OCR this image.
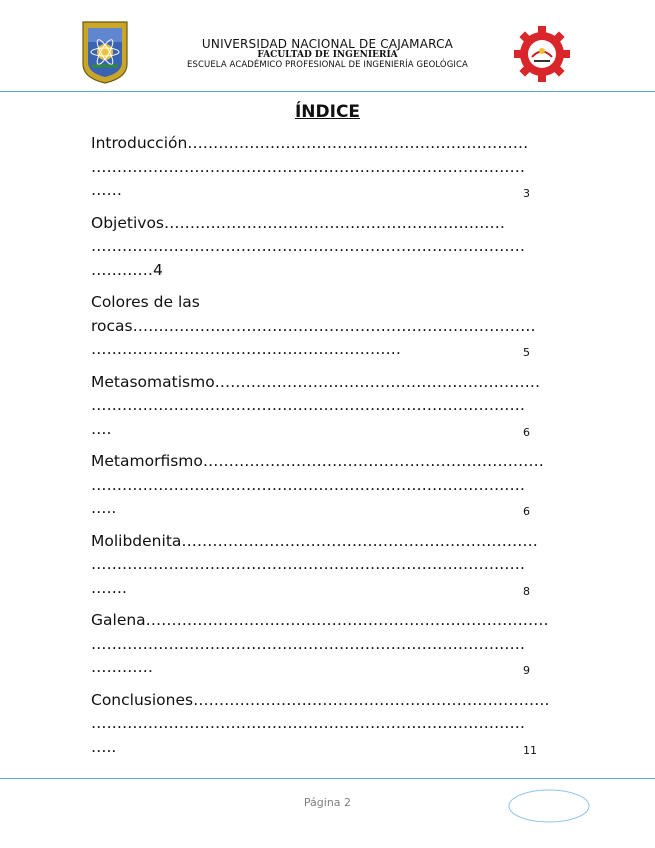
UNIVERSIDAD NACIONAL DE CAJAMARCA
FACULTAD DE INGENIERÍA
ESCUELA ACADÉMICO PROFESIONAL DE INGENIERÍA GEOLÓGICA
ÍNDICE
Introducción…………………………………………………………
…………………………………………………………………………
……	3
Objetivos…………………………………………………………
…………………………………………………………………………
…………4
Colores de las
rocas……………………………………………………………………
……………………………………………………	5
Metasomatismo………………………………………………………
…………………………………………………………………………
….	6
Metamorfismo…………………………………………………………
…………………………………………………………………………
…..	6
Molibdenita……………………………………………………………
…………………………………………………………………………
…….	8
Galena……………………………………………………………………
…………………………………………………………………………
…………	9
Conclusiones……………………………………………………………
…………………………………………………………………………
…..	11
Página 2
